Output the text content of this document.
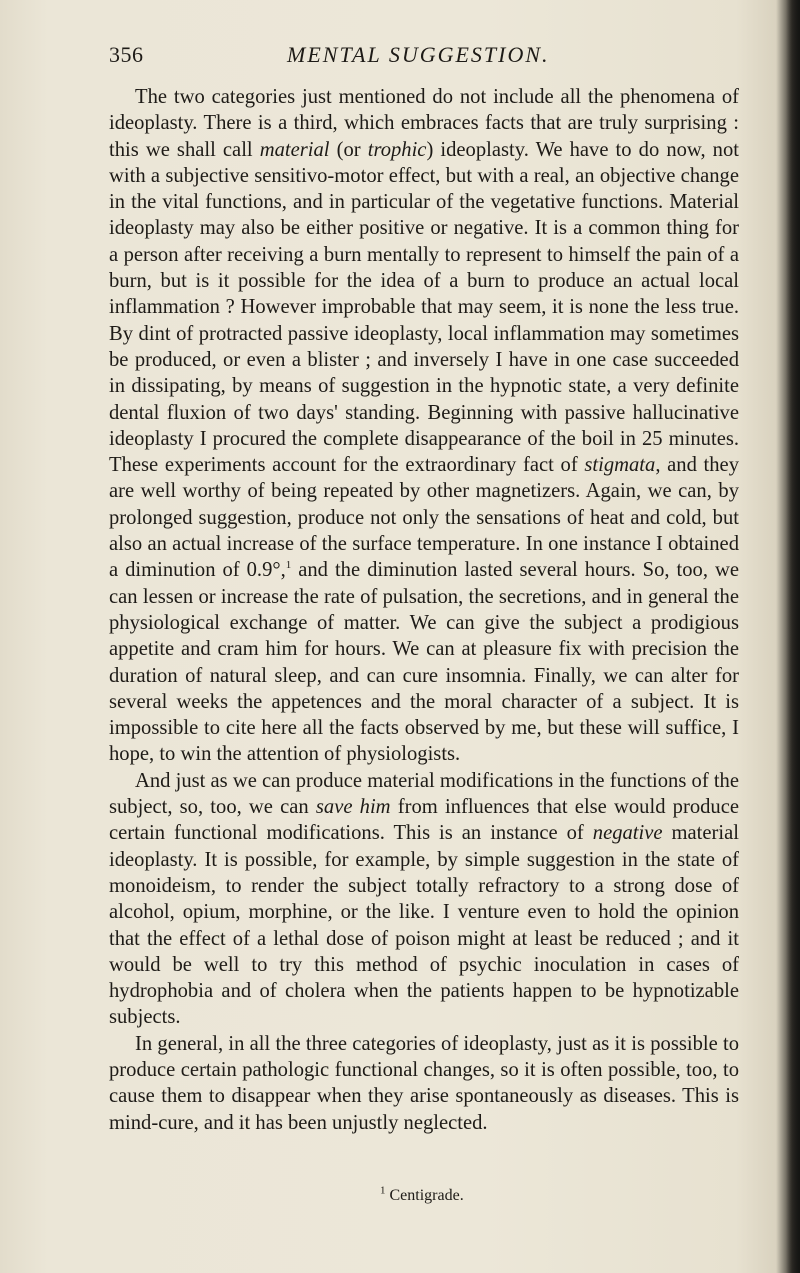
356	MENTAL SUGGESTION.

The two categories just mentioned do not include all the phenomena of ideoplasty. There is a third, which embraces facts that are truly surprising : this we shall call material (or trophic) ideoplasty. We have to do now, not with a subjective sensitivo-motor effect, but with a real, an objective change in the vital functions, and in particular of the vegetative functions. Material ideoplasty may also be either positive or negative. It is a common thing for a person after receiving a burn mentally to represent to himself the pain of a burn, but is it possible for the idea of a burn to produce an actual local inflammation ? However improbable that may seem, it is none the less true. By dint of protracted passive ideoplasty, local inflammation may sometimes be produced, or even a blister ; and inversely I have in one case succeeded in dissipating, by means of suggestion in the hypnotic state, a very definite dental fluxion of two days' standing. Beginning with passive hallucinative ideoplasty I procured the complete disappearance of the boil in 25 minutes. These experiments account for the extraordinary fact of stigmata, and they are well worthy of being repeated by other magnetizers. Again, we can, by prolonged suggestion, produce not only the sensations of heat and cold, but also an actual increase of the surface temperature. In one instance I obtained a diminution of 0.9°,$^1$ and the diminution lasted several hours. So, too, we can lessen or increase the rate of pulsation, the secretions, and in general the physiological exchange of matter. We can give the subject a prodigious appetite and cram him for hours. We can at pleasure fix with precision the duration of natural sleep, and can cure insomnia. Finally, we can alter for several weeks the appetences and the moral character of a subject. It is impossible to cite here all the facts observed by me, but these will suffice, I hope, to win the attention of physiologists.

And just as we can produce material modifications in the functions of the subject, so, too, we can save him from influences that else would produce certain functional modifications. This is an instance of negative material ideoplasty. It is possible, for example, by simple suggestion in the state of monoideism, to render the subject totally refractory to a strong dose of alcohol, opium, morphine, or the like. I venture even to hold the opinion that the effect of a lethal dose of poison might at least be reduced ; and it would be well to try this method of psychic inoculation in cases of hydrophobia and of cholera when the patients happen to be hypnotizable subjects.

In general, in all the three categories of ideoplasty, just as it is possible to produce certain pathologic functional changes, so it is often possible, too, to cause them to disappear when they arise spontaneously as diseases. This is mind-cure, and it has been unjustly neglected.

$^1$ Centigrade.
